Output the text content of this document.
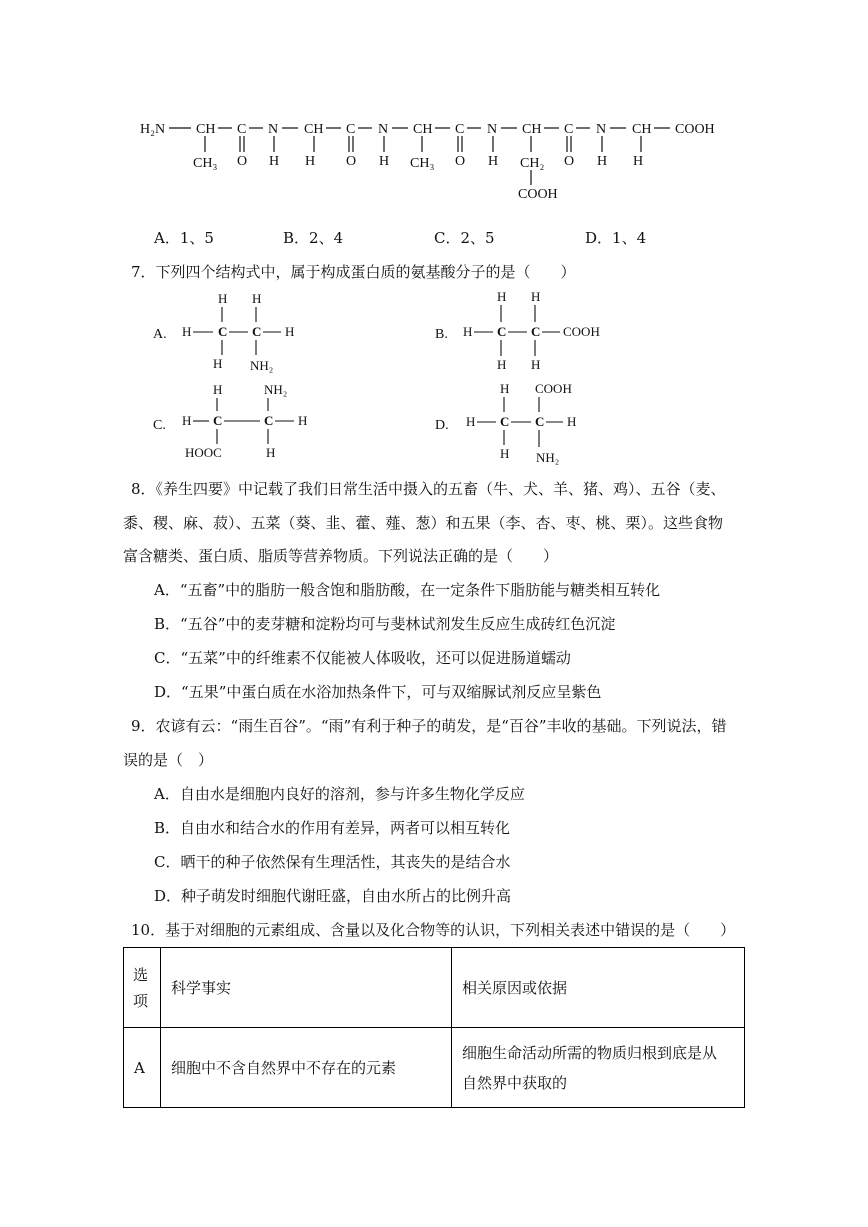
H₂N CH C N CH C N CH C N CH C N CH COOH
CH₃ O H H O H CH₃ O H CH₂ O H H
COOH
A．1、5	B．2、4	C．2、5	D．1、4
7．下列四个结构式中，属于构成蛋白质的氨基酸分子的是（　　）
A.
H H
H C C H
H NH₂
B.
H H
H C C COOH
H H
C.
H	NH₂
H C	C H
HOOC	H
D.
H COOH
H C C H
H NH₂
8．《养生四要》中记载了我们日常生活中摄入的五畜（牛、犬、羊、猪、鸡）、五谷（麦、
黍、稷、麻、菽）、五菜（葵、韭、藿、薤、葱）和五果（李、杏、枣、桃、栗）。这些食物
富含糖类、蛋白质、脂质等营养物质。下列说法正确的是（　　）
A．“五畜”中的脂肪一般含饱和脂肪酸，在一定条件下脂肪能与糖类相互转化
B．“五谷”中的麦芽糖和淀粉均可与斐林试剂发生反应生成砖红色沉淀
C．“五菜”中的纤维素不仅能被人体吸收，还可以促进肠道蠕动
D．“五果”中蛋白质在水浴加热条件下，可与双缩脲试剂反应呈紫色
9．农谚有云：“雨生百谷”。“雨”有利于种子的萌发，是“百谷”丰收的基础。下列说法，错
误的是（　）
A．自由水是细胞内良好的溶剂，参与许多生物化学反应
B．自由水和结合水的作用有差异，两者可以相互转化
C．晒干的种子依然保有生理活性，其丧失的是结合水
D．种子萌发时细胞代谢旺盛，自由水所占的比例升高
10．基于对细胞的元素组成、含量以及化合物等的认识，下列相关表述中错误的是（　　）
选项	科学事实	相关原因或依据
A	细胞中不含自然界中不存在的元素	细胞生命活动所需的物质归根到底是从
自然界中获取的
